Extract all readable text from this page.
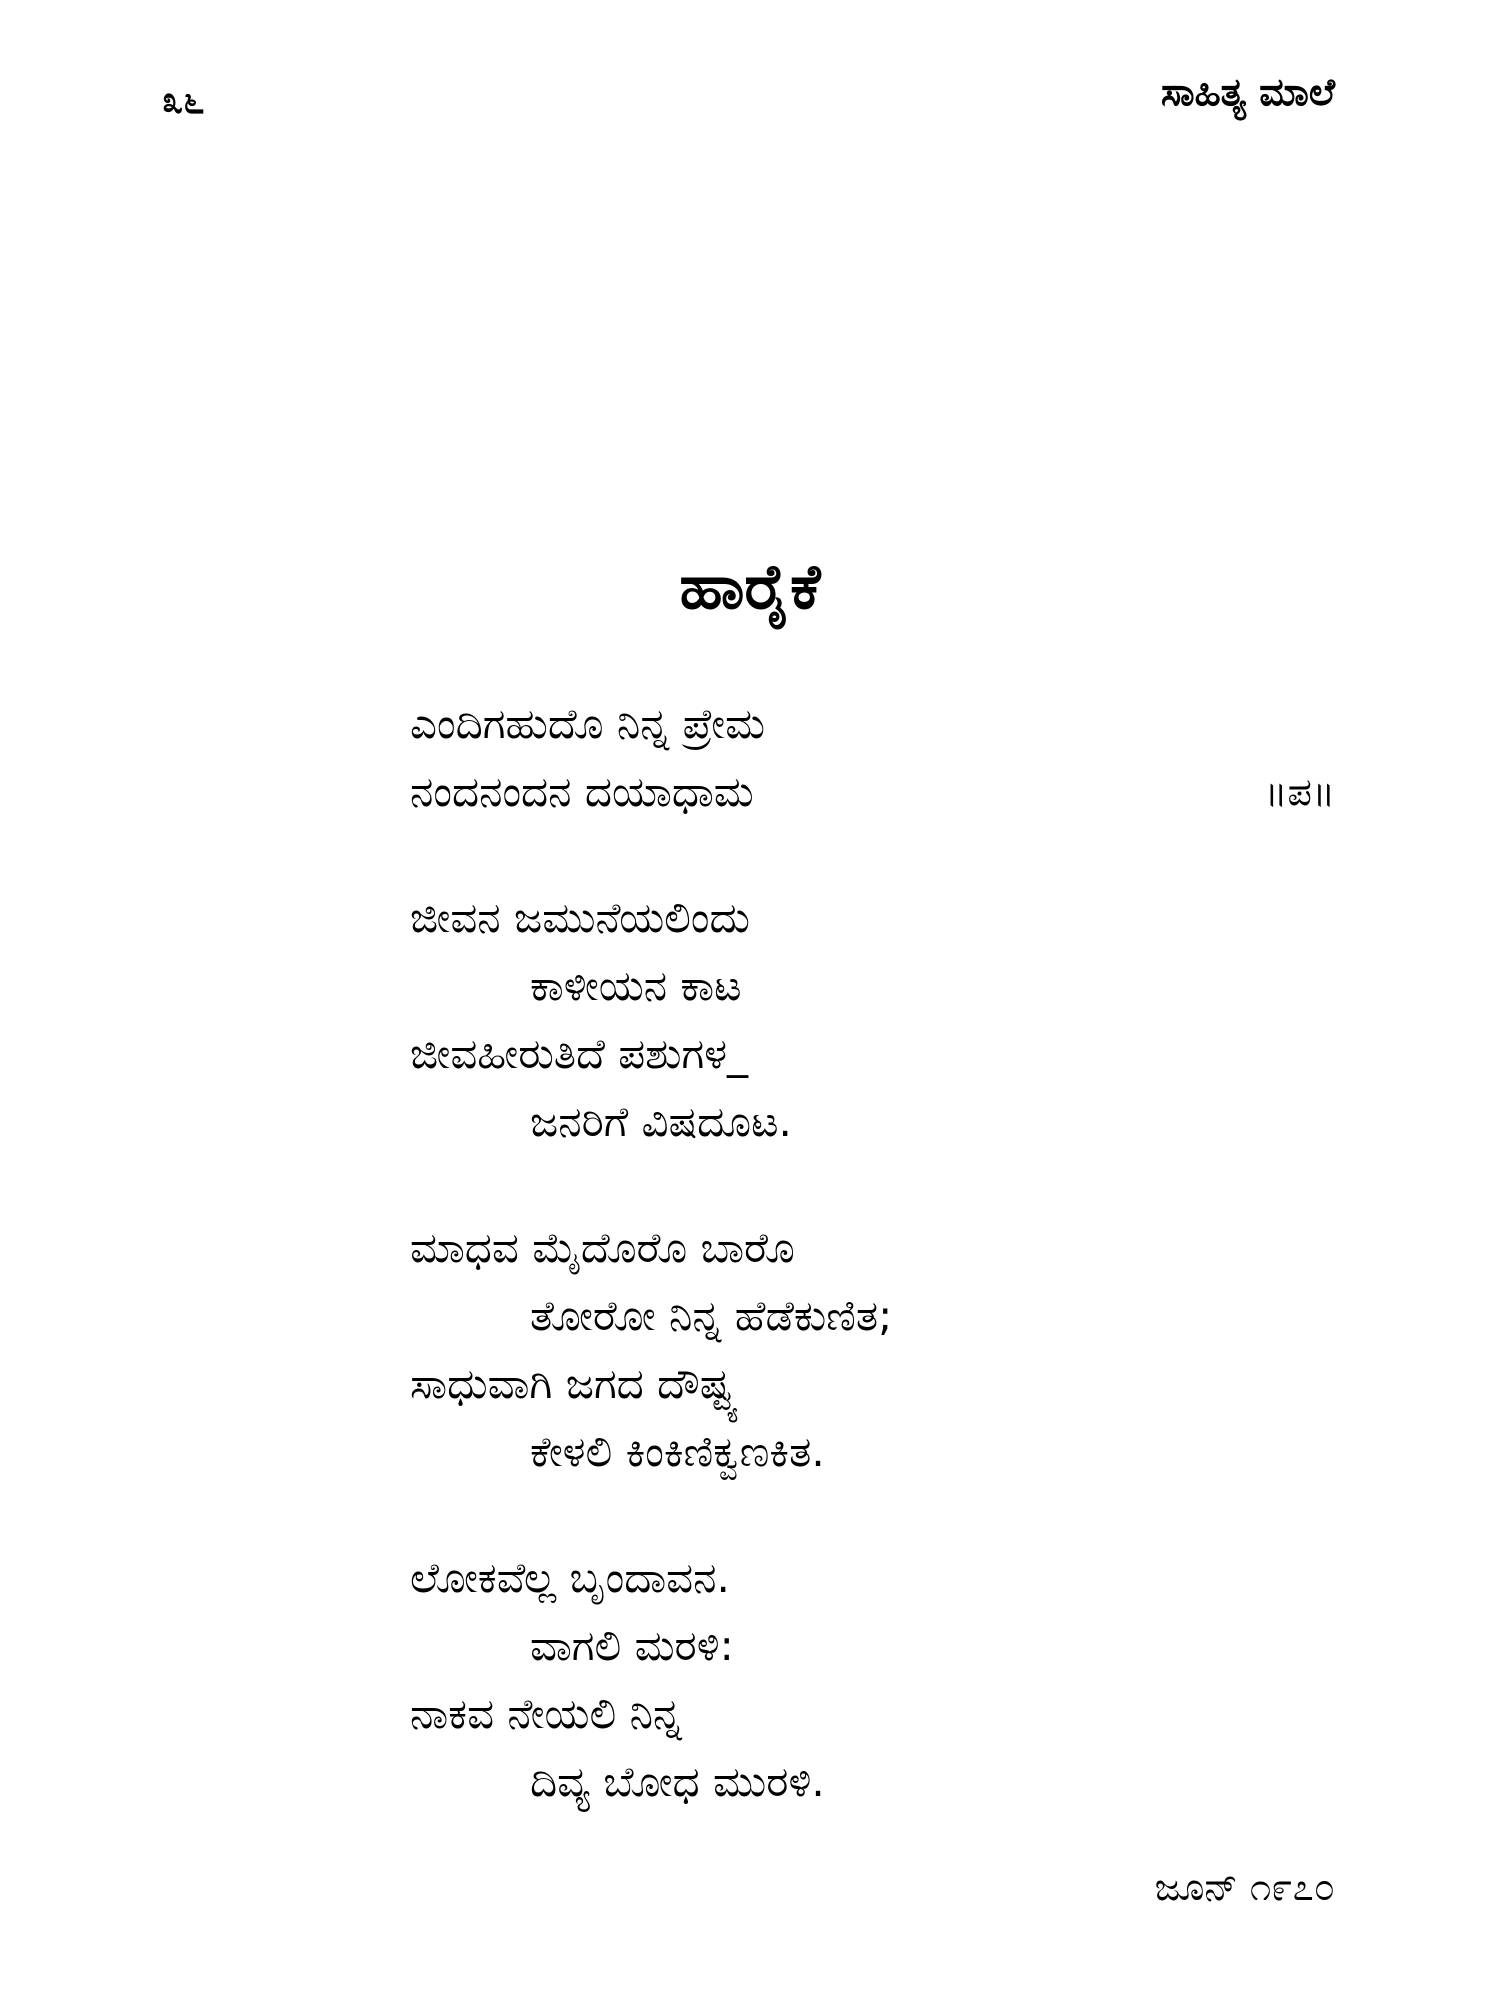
೩೬	ಸಾಹಿತ್ಯ ಮಾಲೆ
ಹಾರೈಕೆ
ಎಂದಿಗಹುದೊ ನಿನ್ನ ಪ್ರೇಮ
ನಂದನಂದನ ದಯಾಧಾಮ	॥ಪ॥
ಜೀವನ ಜಮುನೆಯಲಿಂದು
ಕಾಳೀಯನ ಕಾಟ
ಜೀವಹೀರುತಿದೆ ಪಶುಗಳ_
ಜನರಿಗೆ ವಿಷದೂಟ.
ಮಾಧವ ಮೈದೊರೊ ಬಾರೊ
ತೋರೋ ನಿನ್ನ ಹೆಡೆಕುಣಿತ;
ಸಾಧುವಾಗಿ ಜಗದ ದೌಷ್ಟ್ಯ
ಕೇಳಲಿ ಕಿಂಕಿಣಿಕ್ವಣಕಿತ.
ಲೋಕವೆಲ್ಲ ಬೃಂದಾವನ.
ವಾಗಲಿ ಮರಳಿ:
ನಾಕವ ನೇಯಲಿ ನಿನ್ನ
ದಿವ್ಯ ಬೋಧ ಮುರಳಿ.
ಜೂನ್ ೧೯೭೦
